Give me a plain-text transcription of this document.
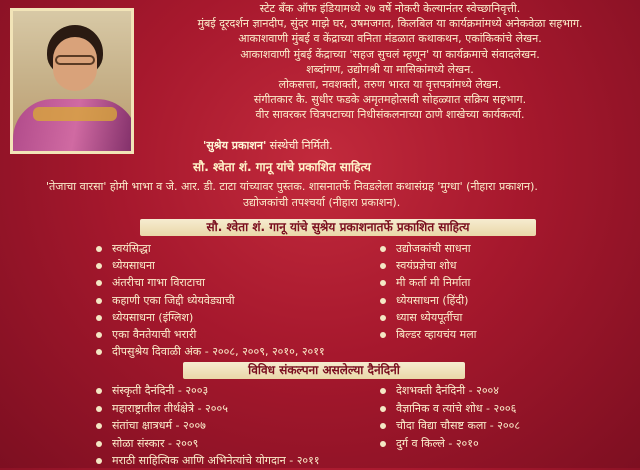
स्टेट बँक ऑफ इंडियामध्ये २७ वर्षे नोकरी केल्यानंतर स्वेच्छानिवृत्ती.
मुंबई दूरदर्शन ज्ञानदीप, सुंदर माझे घर, उषमजगत, किलबिल या कार्यक्रमांमध्ये अनेकवेळा सहभाग.
आकाशवाणी मुंबई व केंद्राच्या वनिता मंडळात कथाकथन, एकांकिकांचे लेखन.
आकाशवाणी मुंबई केंद्राच्या 'सहज सुचलं म्हणून' या कार्यक्रमाचे संवादलेखन.
शब्दांगण, उद्योगश्री या मासिकांमध्ये लेखन.
लोकसत्ता, नवशक्ती, तरुण भारत या वृत्तपत्रांमध्ये लेखन.
संगीतकार कै. सुधीर फडके अमृतमहोत्सवी सोहळ्यात सक्रिय सहभाग.
वीर सावरकर चित्रपटाच्या निधीसंकलनाच्या ठाणे शाखेच्या कार्यकर्त्या.
'सुश्रेय प्रकाशन' संस्थेची निर्मिती.
सौ. श्वेता शं. गानू यांचे प्रकाशित साहित्य
'तेजाचा वारसा' होमी भाभा व जे. आर. डी. टाटा यांच्यावर पुस्तक. शासनातर्फे निवडलेला कथासंग्रह 'मुग्धा' (नीहारा प्रकाशन).
उद्योजकांची तपश्चर्या (नीहारा प्रकाशन).
सौ. श्वेता शं. गानू यांचे सुश्रेय प्रकाशनातर्फे प्रकाशित साहित्य
स्वयंसिद्धा
ध्येयसाधना
अंतरीचा गाभा विराटाचा
कहाणी एका जिद्दी ध्येयवेड्याची
ध्येयसाधना (इंग्लिश)
एका वैनतेयाची भरारी
दीपसुश्रेय दिवाळी अंक - २००८, २००९, २०१०, २०११
उद्योजकांची साधना
स्वयंप्रज्ञेचा शोध
मी कर्ता मी निर्माता
ध्येयसाधना (हिंदी)
ध्यास ध्येयपूर्तीचा
बिल्डर व्हायचंय मला
विविध संकल्पना असलेल्या दैनंदिनी
संस्कृती दैनंदिनी - २००३
महाराष्ट्रातील तीर्थक्षेत्रे - २००५
संतांचा क्षात्रधर्म - २००७
सोळा संस्कार - २००९
मराठी साहित्यिक आणि अभिनेत्यांचे योगदान - २०११
देशभक्ती दैनंदिनी - २००४
वैज्ञानिक व त्यांचे शोध - २००६
चौदा विद्या चौसष्ट कला - २००८
दुर्ग व किल्ले - २०१०
